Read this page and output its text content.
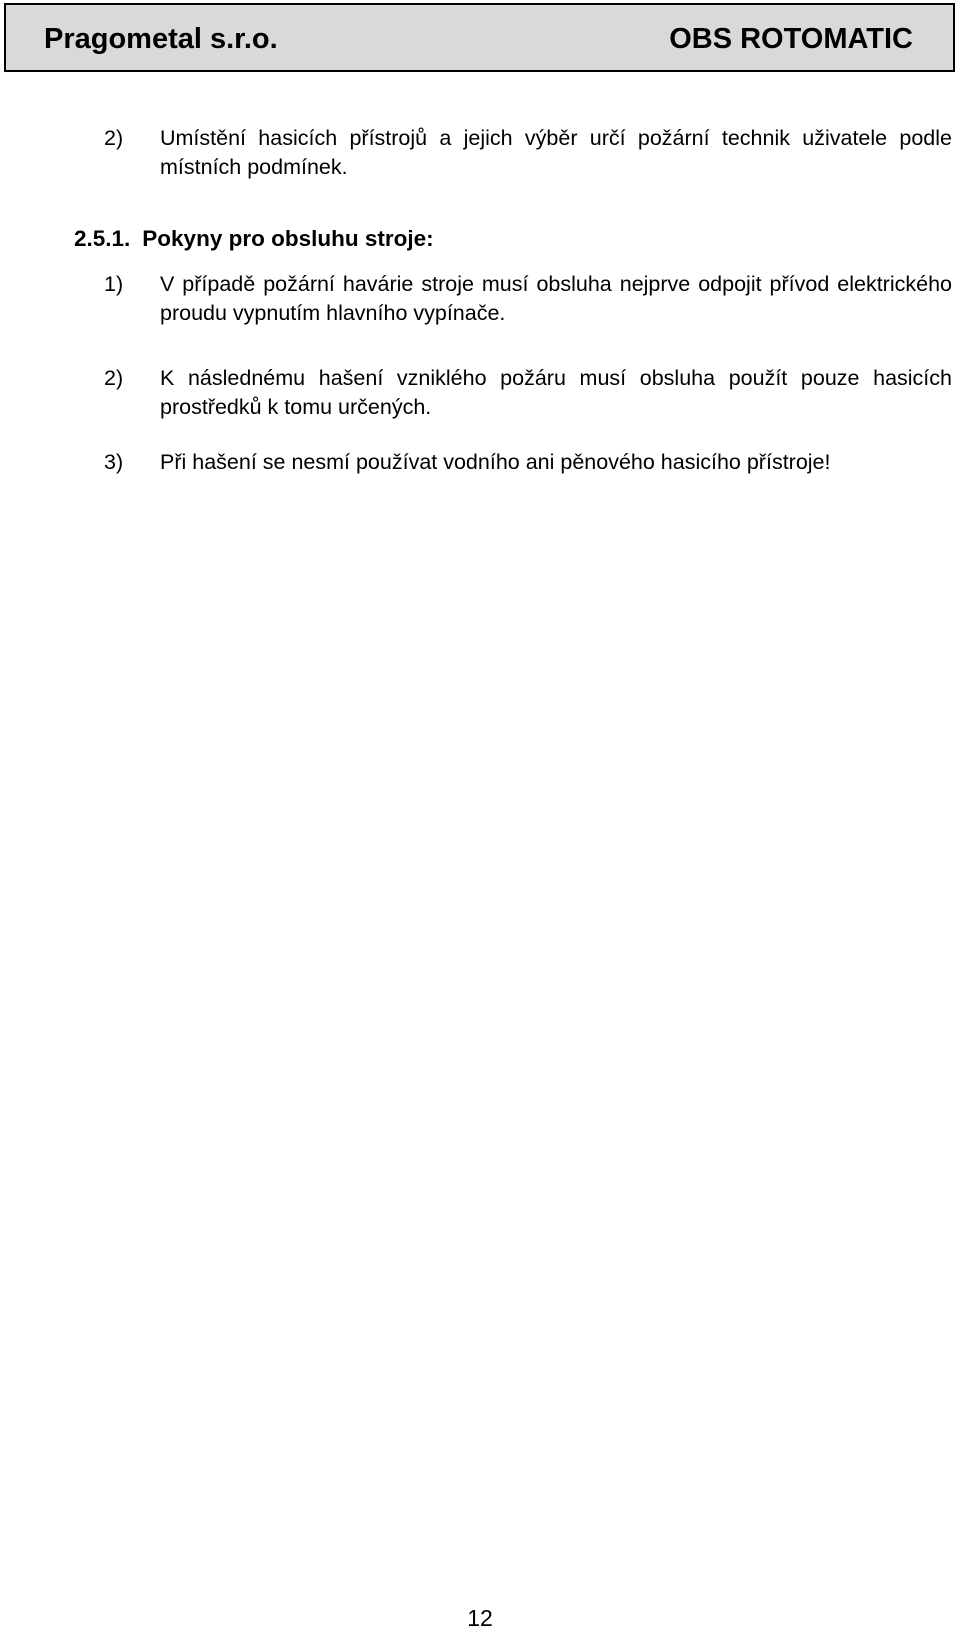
Pragometal s.r.o.	OBS ROTOMATIC
2) Umístění hasicích přístrojů a jejich výběr určí požární technik uživatele podle místních podmínek.
2.5.1. Pokyny pro obsluhu stroje:
1) V případě požární havárie stroje musí obsluha nejprve odpojit přívod elektrického proudu vypnutím hlavního vypínače.
2) K následnému hašení vzniklého požáru musí obsluha použít pouze hasicích prostředků k tomu určených.
3) Při hašení se nesmí používat vodního ani pěnového hasicího přístroje!
12
